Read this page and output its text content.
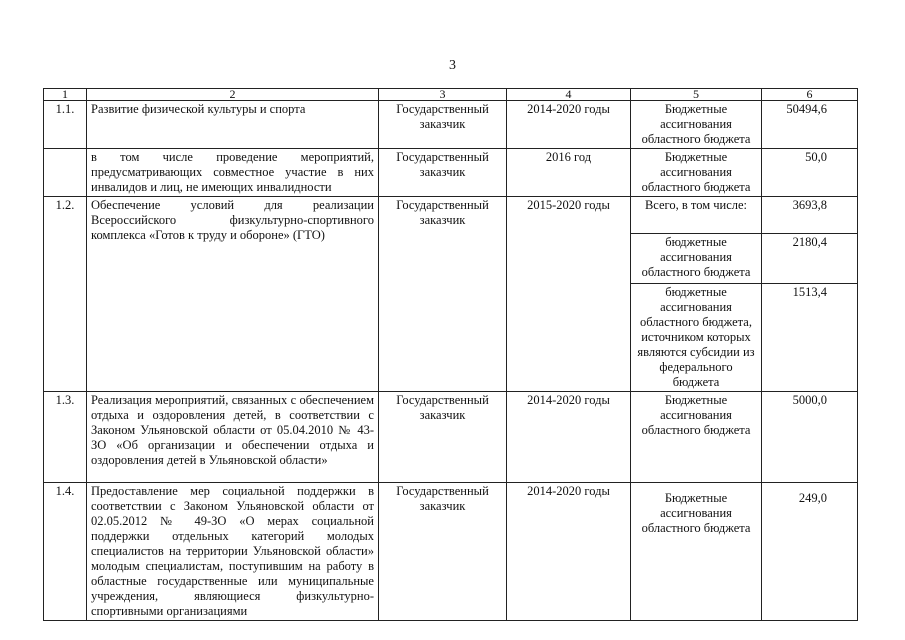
3
1	2	3	4	5	6
1.1.	Развитие физической культуры и спорта	Государственный заказчик	2014-2020 годы	Бюджетные ассигнования областного бюджета	50494,6
	в том числе проведение мероприятий, предусматривающих совместное участие в них инвалидов и лиц, не имеющих инвалидности	Государственный заказчик	2016 год	Бюджетные ассигнования областного бюджета	50,0
1.2.	Обеспечение условий для реализации Всероссийского физкультурно-спортивного комплекса «Готов к труду и обороне» (ГТО)	Государственный заказчик	2015-2020 годы	Всего, в том числе:	3693,8
				бюджетные ассигнования областного бюджета	2180,4
				бюджетные ассигнования областного бюджета, источником которых являются субсидии из федерального бюджета	1513,4
1.3.	Реализация мероприятий, связанных с обеспечением отдыха и оздоровления детей, в соответствии с Законом Ульяновской области от 05.04.2010 № 43-ЗО «Об организации и обеспечении отдыха и оздоровления детей в Ульяновской области»	Государственный заказчик	2014-2020 годы	Бюджетные ассигнования областного бюджета	5000,0
1.4.	Предоставление мер социальной поддержки в соответствии с Законом Ульяновской области от 02.05.2012 № 49-ЗО «О мерах социальной поддержки отдельных категорий молодых специалистов на территории Ульяновской области» молодым специалистам, поступившим на работу в областные государственные или муниципальные учреждения, являющиеся физкультурно-спортивными организациями	Государственный заказчик	2014-2020 годы	Бюджетные ассигнования областного бюджета	249,0
